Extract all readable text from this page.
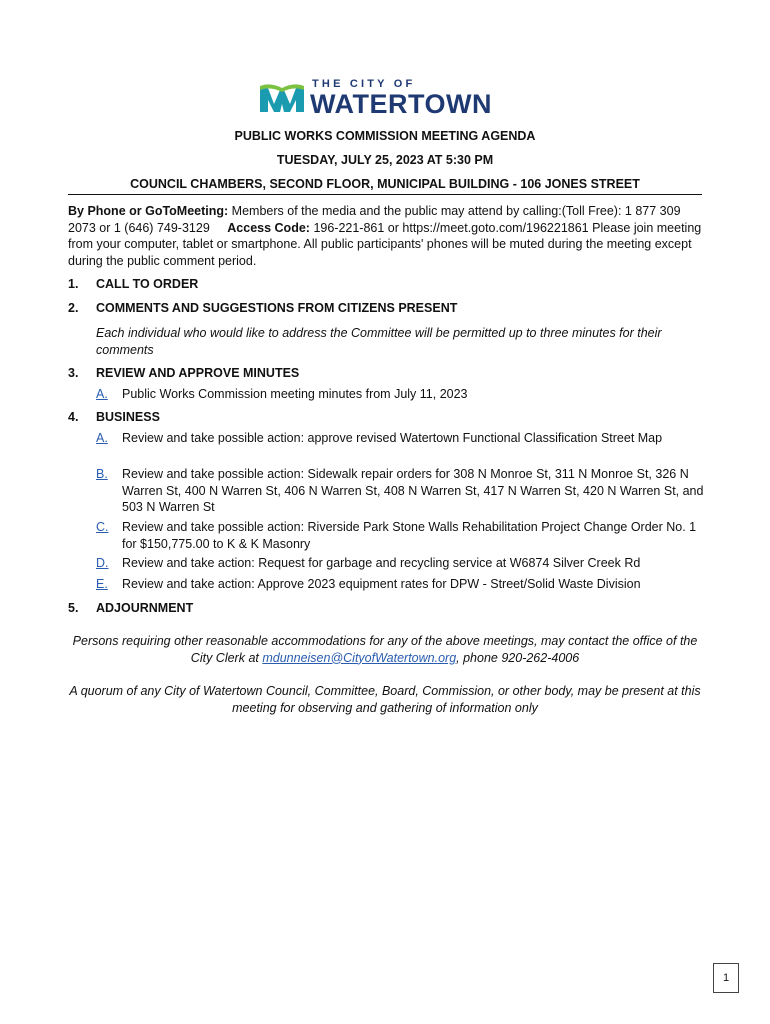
THE CITY OF
WATERTOWN
PUBLIC WORKS COMMISSION MEETING AGENDA
TUESDAY, JULY 25, 2023 AT 5:30 PM
COUNCIL CHAMBERS, SECOND FLOOR, MUNICIPAL BUILDING - 106 JONES STREET
By Phone or GoToMeeting: Members of the media and the public may attend by calling:(Toll Free): 1 877 309 2073 or 1 (646) 749-3129 Access Code: 196-221-861 or https://meet.goto.com/196221861 Please join meeting from your computer, tablet or smartphone. All public participants' phones will be muted during the meeting except during the public comment period.
1. CALL TO ORDER
2. COMMENTS AND SUGGESTIONS FROM CITIZENS PRESENT
Each individual who would like to address the Committee will be permitted up to three minutes for their comments
3. REVIEW AND APPROVE MINUTES
A. Public Works Commission meeting minutes from July 11, 2023
4. BUSINESS
A. Review and take possible action: approve revised Watertown Functional Classification Street Map
B. Review and take possible action: Sidewalk repair orders for 308 N Monroe St, 311 N Monroe St, 326 N Warren St, 400 N Warren St, 406 N Warren St, 408 N Warren St, 417 N Warren St, 420 N Warren St, and 503 N Warren St
C. Review and take possible action: Riverside Park Stone Walls Rehabilitation Project Change Order No. 1 for $150,775.00 to K & K Masonry
D. Review and take action: Request for garbage and recycling service at W6874 Silver Creek Rd
E. Review and take action: Approve 2023 equipment rates for DPW - Street/Solid Waste Division
5. ADJOURNMENT
Persons requiring other reasonable accommodations for any of the above meetings, may contact the office of the City Clerk at mdunneisen@CityofWatertown.org, phone 920-262-4006
A quorum of any City of Watertown Council, Committee, Board, Commission, or other body, may be present at this meeting for observing and gathering of information only
1
